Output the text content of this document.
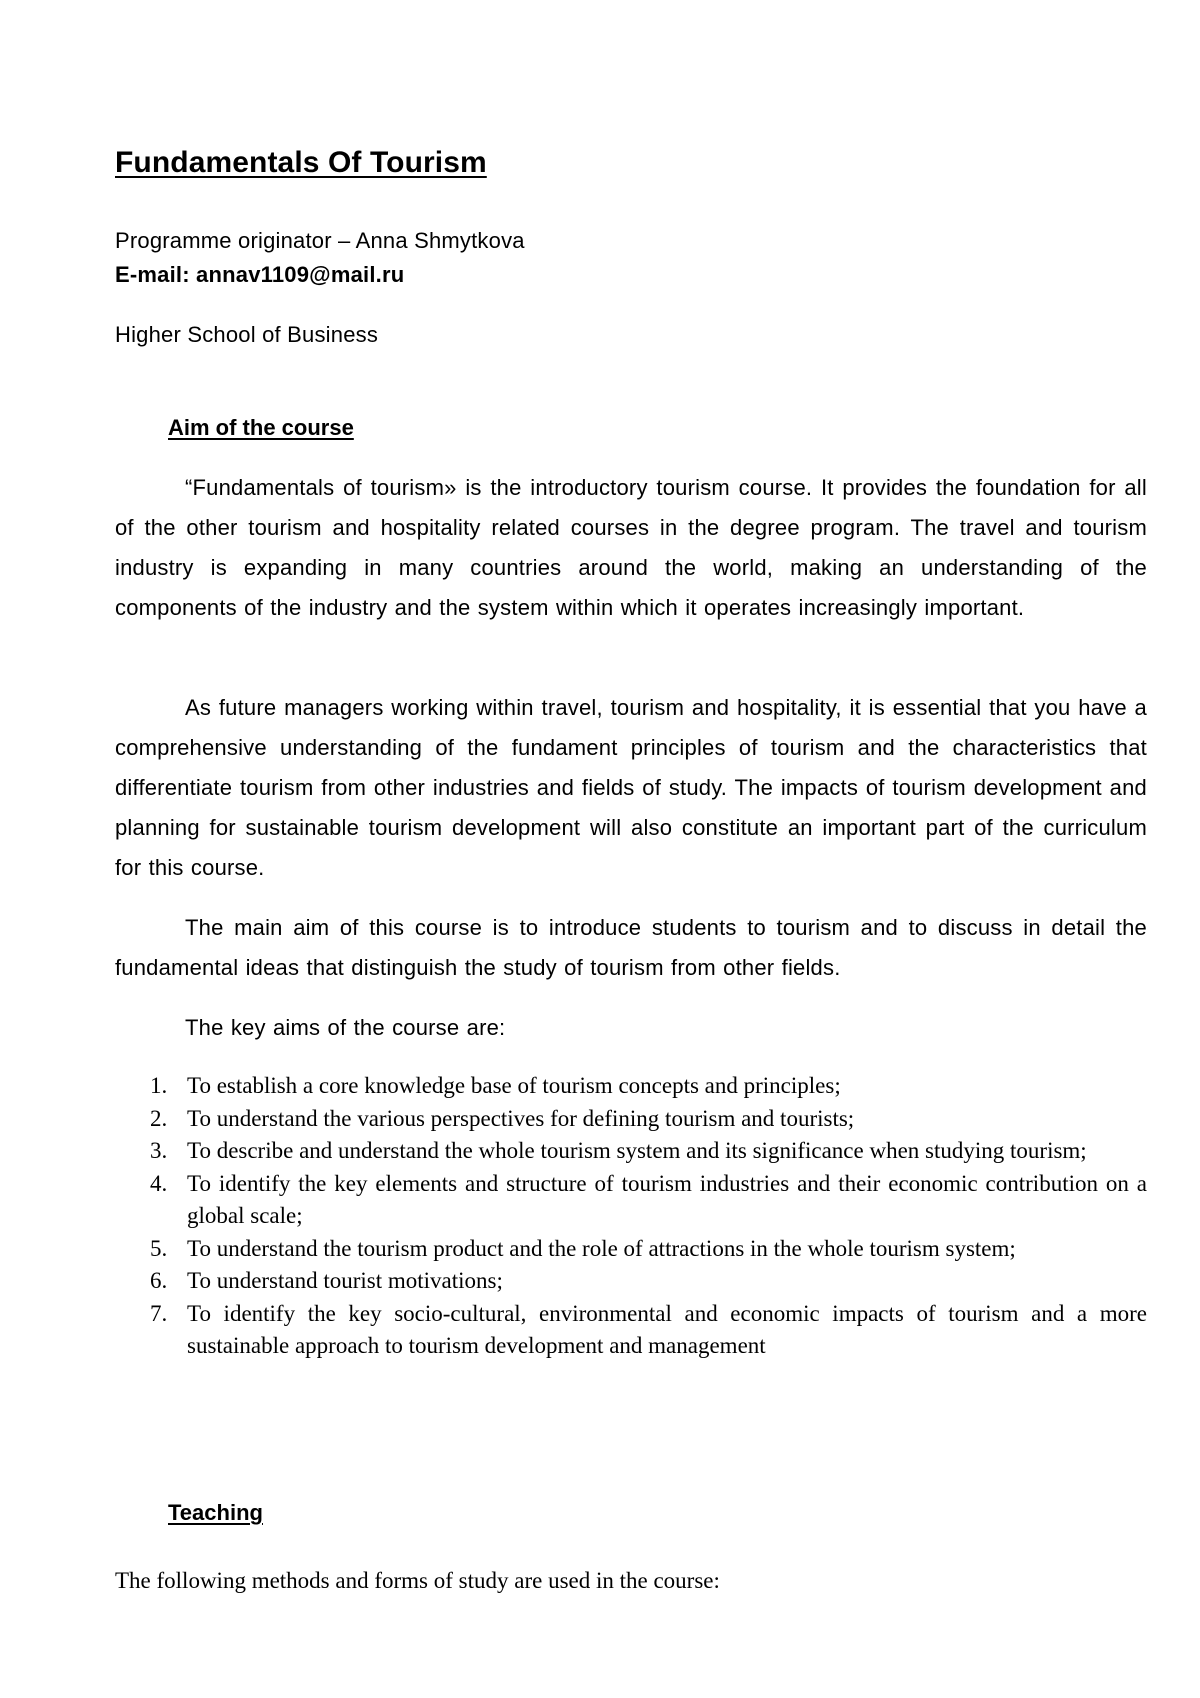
Fundamentals Of Tourism

Programme originator – Anna Shmytkova

E-mail: annav1109@mail.ru

Higher School of Business

Aim of the course

“Fundamentals of tourism» is the introductory tourism course. It provides the foundation for all of the other tourism and hospitality related courses in the degree program. The travel and tourism industry is expanding in many countries around the world, making an understanding of the components of the industry and the system within which it operates increasingly important.

As future managers working within travel, tourism and hospitality, it is essential that you have a comprehensive understanding of the fundament principles of tourism and the characteristics that differentiate tourism from other industries and fields of study. The impacts of tourism development and planning for sustainable tourism development will also constitute an important part of the curriculum for this course.

The main aim of this course is to introduce students to tourism and to discuss in detail the fundamental ideas that distinguish the study of tourism from other fields.

The key aims of the course are:

1. To establish a core knowledge base of tourism concepts and principles;
2. To understand the various perspectives for defining tourism and tourists;
3. To describe and understand the whole tourism system and its significance when studying tourism;
4. To identify the key elements and structure of tourism industries and their economic contribution on a global scale;
5. To understand the tourism product and the role of attractions in the whole tourism system;
6. To understand tourist motivations;
7. To identify the key socio-cultural, environmental and economic impacts of tourism and a more sustainable approach to tourism development and management
Teaching

The following methods and forms of study are used in the course:
